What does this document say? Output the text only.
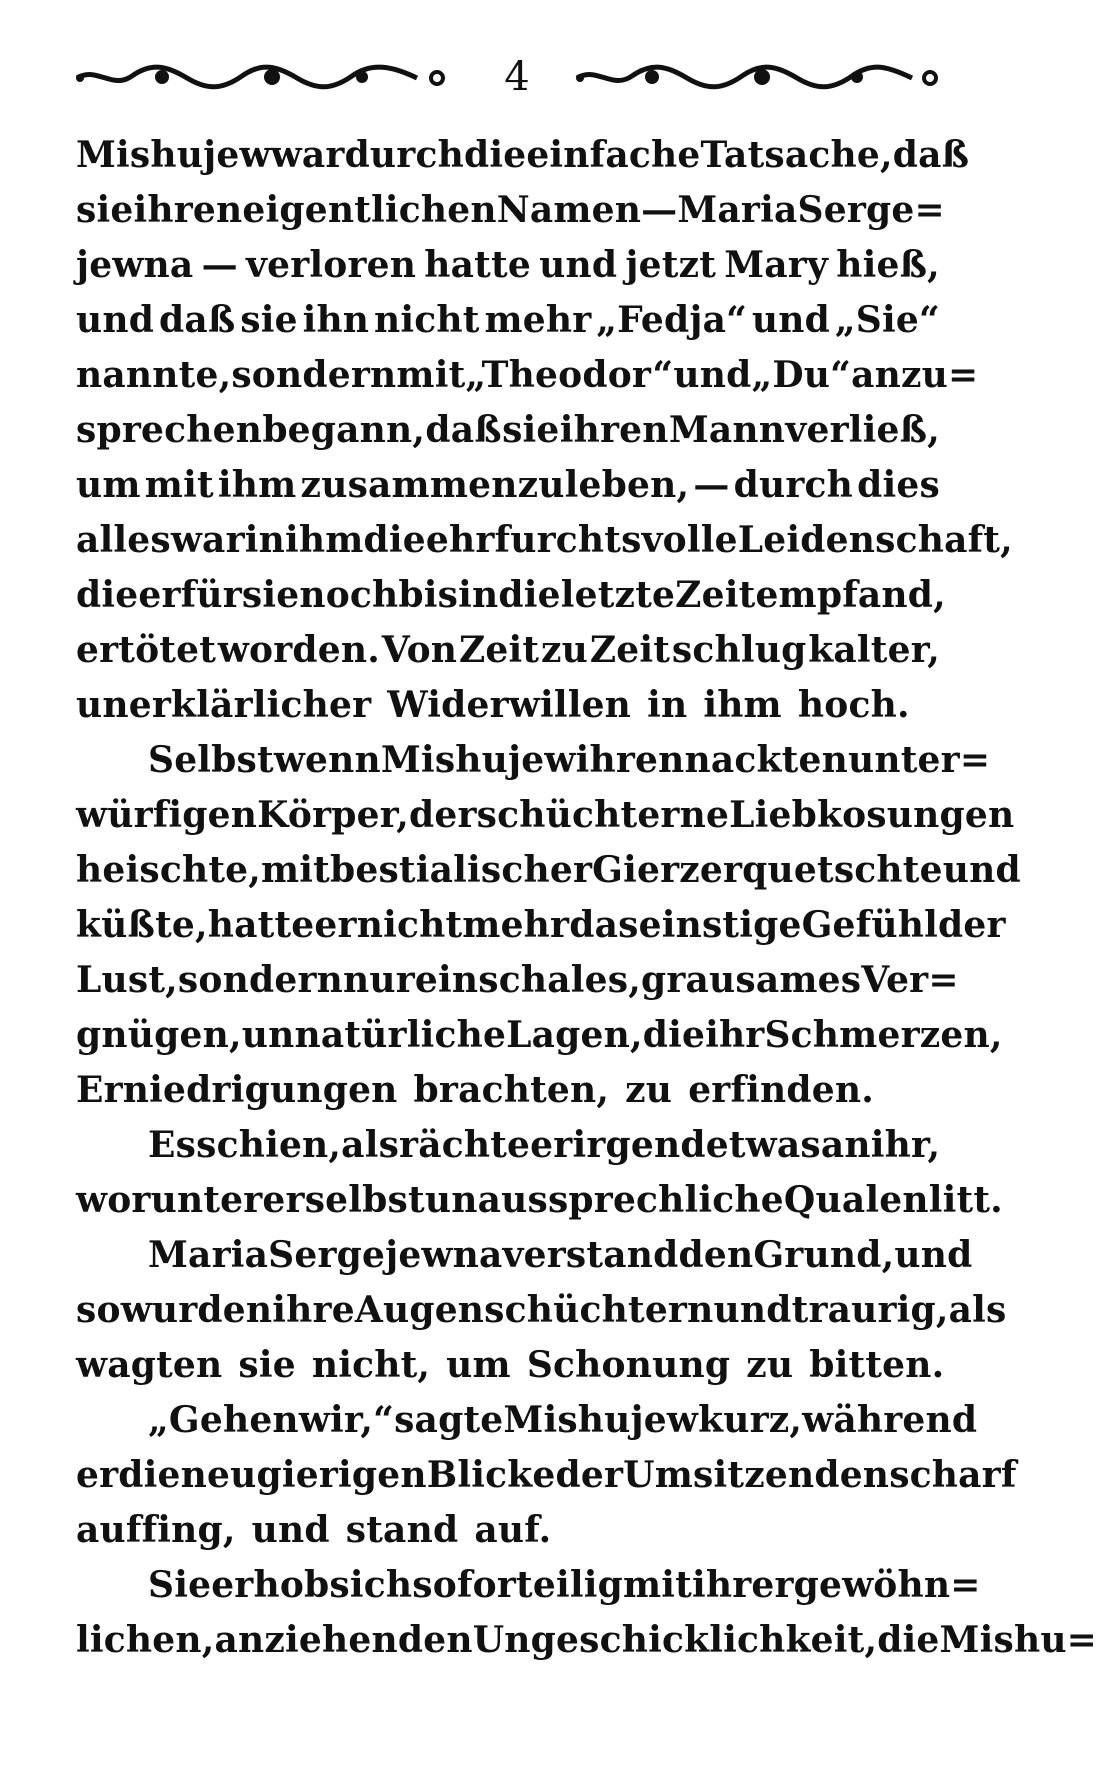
4
Mishujew war durch die einfache Tatsache, daß
sie ihren eigentlichen Namen — Maria Serge=
jewna — verloren hatte und jetzt Mary hieß,
und daß sie ihn nicht mehr „Fedja“ und „Sie“
nannte, sondern mit „Theodor“ und „Du“ anzu=
sprechen begann, daß sie ihren Mann verließ,
um mit ihm zusammenzuleben, — durch dies
alles war in ihm die ehrfurchtsvolle Leidenschaft,
die er für sie noch bis in die letzte Zeit empfand,
ertötet worden. Von Zeit zu Zeit schlug kalter,
unerklärlicher Widerwillen in ihm hoch.
Selbst wenn Mishujew ihren nackten unter=
würfigen Körper, der schüchterne Liebkosungen
heischte, mit bestialischer Gier zerquetschte und
küßte, hatte er nicht mehr das einstige Gefühl der
Lust, sondern nur ein schales, grausames Ver=
gnügen, unnatürliche Lagen, die ihr Schmerzen,
Erniedrigungen brachten, zu erfinden.
Es schien, als rächte er irgend etwas an ihr,
worunter er selbst unaussprechliche Qualen litt.
Maria Sergejewna verstand den Grund, und
so wurden ihre Augen schüchtern und traurig, als
wagten sie nicht, um Schonung zu bitten.
„Gehen wir,“ sagte Mishujew kurz, während
er die neugierigen Blicke der Umsitzenden scharf
auffing, und stand auf.
Sie erhob sich sofort eilig mit ihrer gewöhn=
lichen, anziehenden Ungeschicklichkeit, die Mishu=
